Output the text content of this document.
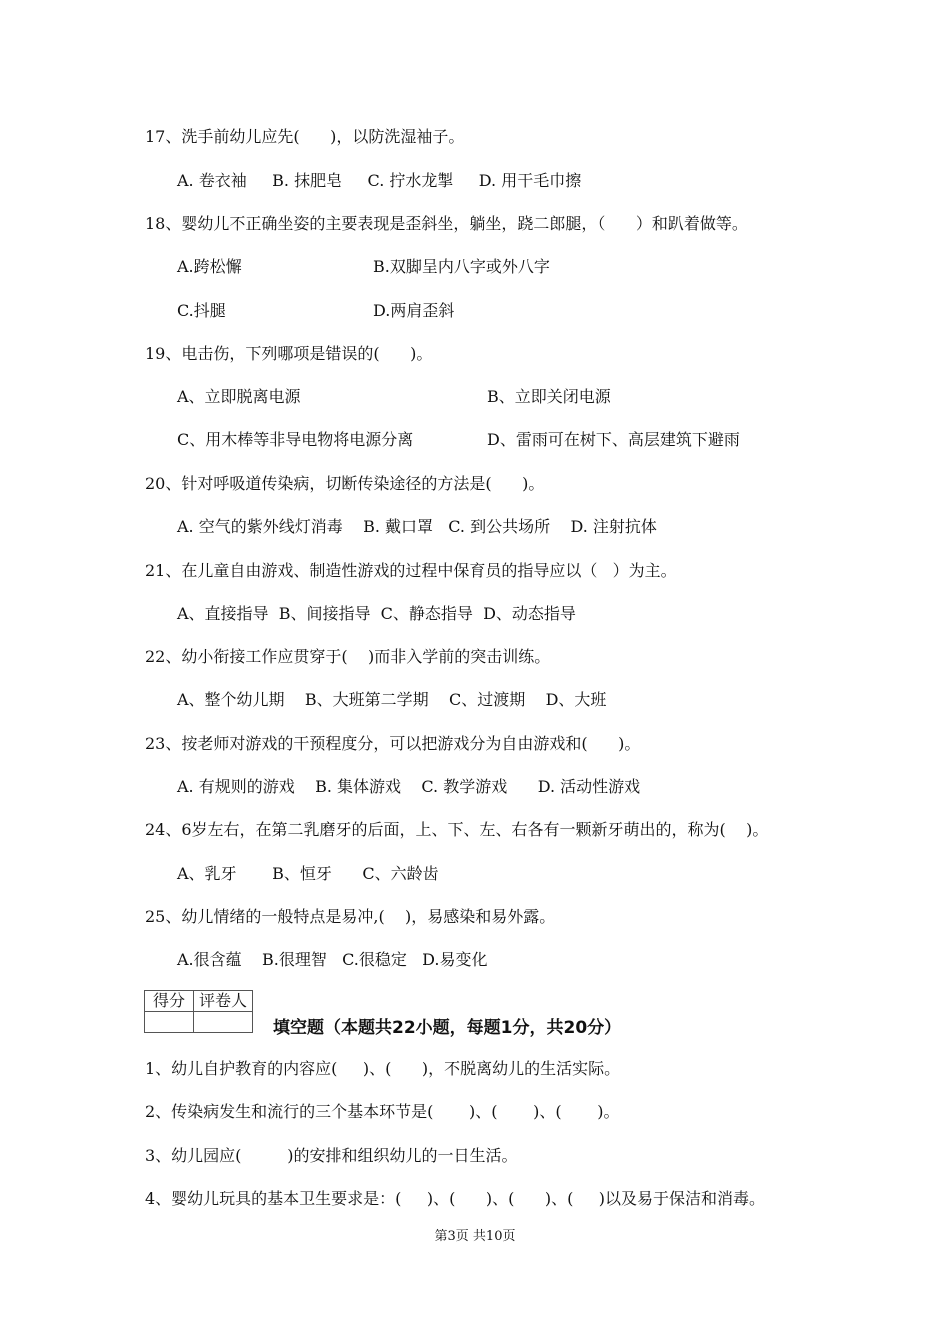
17、洗手前幼儿应先(      )，以防洗湿袖子。
A. 卷衣袖     B. 抹肥皂     C. 拧水龙掣     D. 用干毛巾擦
18、婴幼儿不正确坐姿的主要表现是歪斜坐，躺坐，跷二郎腿，（      ）和趴着做等。
A.跨松懈	B.双脚呈内八字或外八字
C.抖腿	D.两肩歪斜
19、电击伤，下列哪项是错误的(      )。
A、立即脱离电源	B、立即关闭电源
C、用木棒等非导电物将电源分离	D、雷雨可在树下、高层建筑下避雨
20、针对呼吸道传染病，切断传染途径的方法是(      )。
A. 空气的紫外线灯消毒    B. 戴口罩   C. 到公共场所    D. 注射抗体
21、在儿童自由游戏、制造性游戏的过程中保育员的指导应以（   ）为主。
A、直接指导  B、间接指导  C、静态指导  D、动态指导
22、幼小衔接工作应贯穿于(    )而非入学前的突击训练。
A、整个幼儿期    B、大班第二学期    C、过渡期    D、大班
23、按老师对游戏的干预程度分，可以把游戏分为自由游戏和(      )。
A. 有规则的游戏    B. 集体游戏    C. 教学游戏      D. 活动性游戏
24、6岁左右，在第二乳磨牙的后面，上、下、左、右各有一颗新牙萌出的，称为(    )。
A、乳牙       B、恒牙      C、六龄齿
25、幼儿情绪的一般特点是易冲,(    )，易感染和易外露。
A.很含蕴    B.很理智   C.很稳定   D.易变化
得分	评卷人

填空题（本题共22小题，每题1分，共20分）
1、幼儿自护教育的内容应(     )、(      )，不脱离幼儿的生活实际。
2、传染病发生和流行的三个基本环节是(       )、(       )、(       )。
3、幼儿园应(         )的安排和组织幼儿的一日生活。
4、婴幼儿玩具的基本卫生要求是：(     )、(      )、(      )、(     )以及易于保洁和消毒。
第3页 共10页
